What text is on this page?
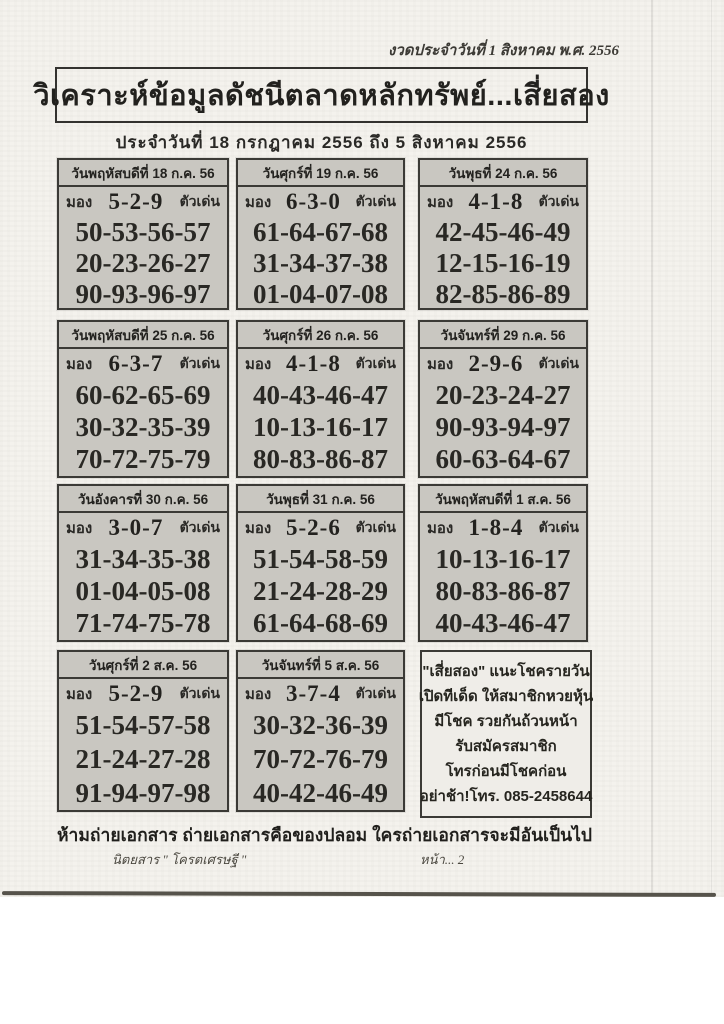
งวดประจำวันที่ 1 สิงหาคม พ.ศ. 2556
วิเคราะห์ข้อมูลดัชนีตลาดหลักทรัพย์...เสี่ยสอง
ประจำวันที่ 18 กรกฎาคม 2556 ถึง 5 สิงหาคม 2556
วันพฤหัสบดีที่ 18 ก.ค. 56
มอง 5-2-9 ตัวเด่น
50-53-56-57
20-23-26-27
90-93-96-97
วันศุกร์ที่ 19 ก.ค. 56
มอง 6-3-0 ตัวเด่น
61-64-67-68
31-34-37-38
01-04-07-08
วันพุธที่ 24 ก.ค. 56
มอง 4-1-8 ตัวเด่น
42-45-46-49
12-15-16-19
82-85-86-89
วันพฤหัสบดีที่ 25 ก.ค. 56
มอง 6-3-7 ตัวเด่น
60-62-65-69
30-32-35-39
70-72-75-79
วันศุกร์ที่ 26 ก.ค. 56
มอง 4-1-8 ตัวเด่น
40-43-46-47
10-13-16-17
80-83-86-87
วันจันทร์ที่ 29 ก.ค. 56
มอง 2-9-6 ตัวเด่น
20-23-24-27
90-93-94-97
60-63-64-67
วันอังคารที่ 30 ก.ค. 56
มอง 3-0-7 ตัวเด่น
31-34-35-38
01-04-05-08
71-74-75-78
วันพุธที่ 31 ก.ค. 56
มอง 5-2-6 ตัวเด่น
51-54-58-59
21-24-28-29
61-64-68-69
วันพฤหัสบดีที่ 1 ส.ค. 56
มอง 1-8-4 ตัวเด่น
10-13-16-17
80-83-86-87
40-43-46-47
วันศุกร์ที่ 2 ส.ค. 56
มอง 5-2-9 ตัวเด่น
51-54-57-58
21-24-27-28
91-94-97-98
วันจันทร์ที่ 5 ส.ค. 56
มอง 3-7-4 ตัวเด่น
30-32-36-39
70-72-76-79
40-42-46-49
"เสี่ยสอง" แนะโชครายวัน
เปิดทีเด็ด ให้สมาชิกหวยหุ้น
มีโชค รวยกันถ้วนหน้า
รับสมัครสมาชิก
โทรก่อนมีโชคก่อน
อย่าช้า!โทร. 085-2458644
ห้ามถ่ายเอกสาร ถ่ายเอกสารคือของปลอม ใครถ่ายเอกสารจะมีอันเป็นไป
นิตยสาร " โครตเศรษฐี "	หน้า... 2
